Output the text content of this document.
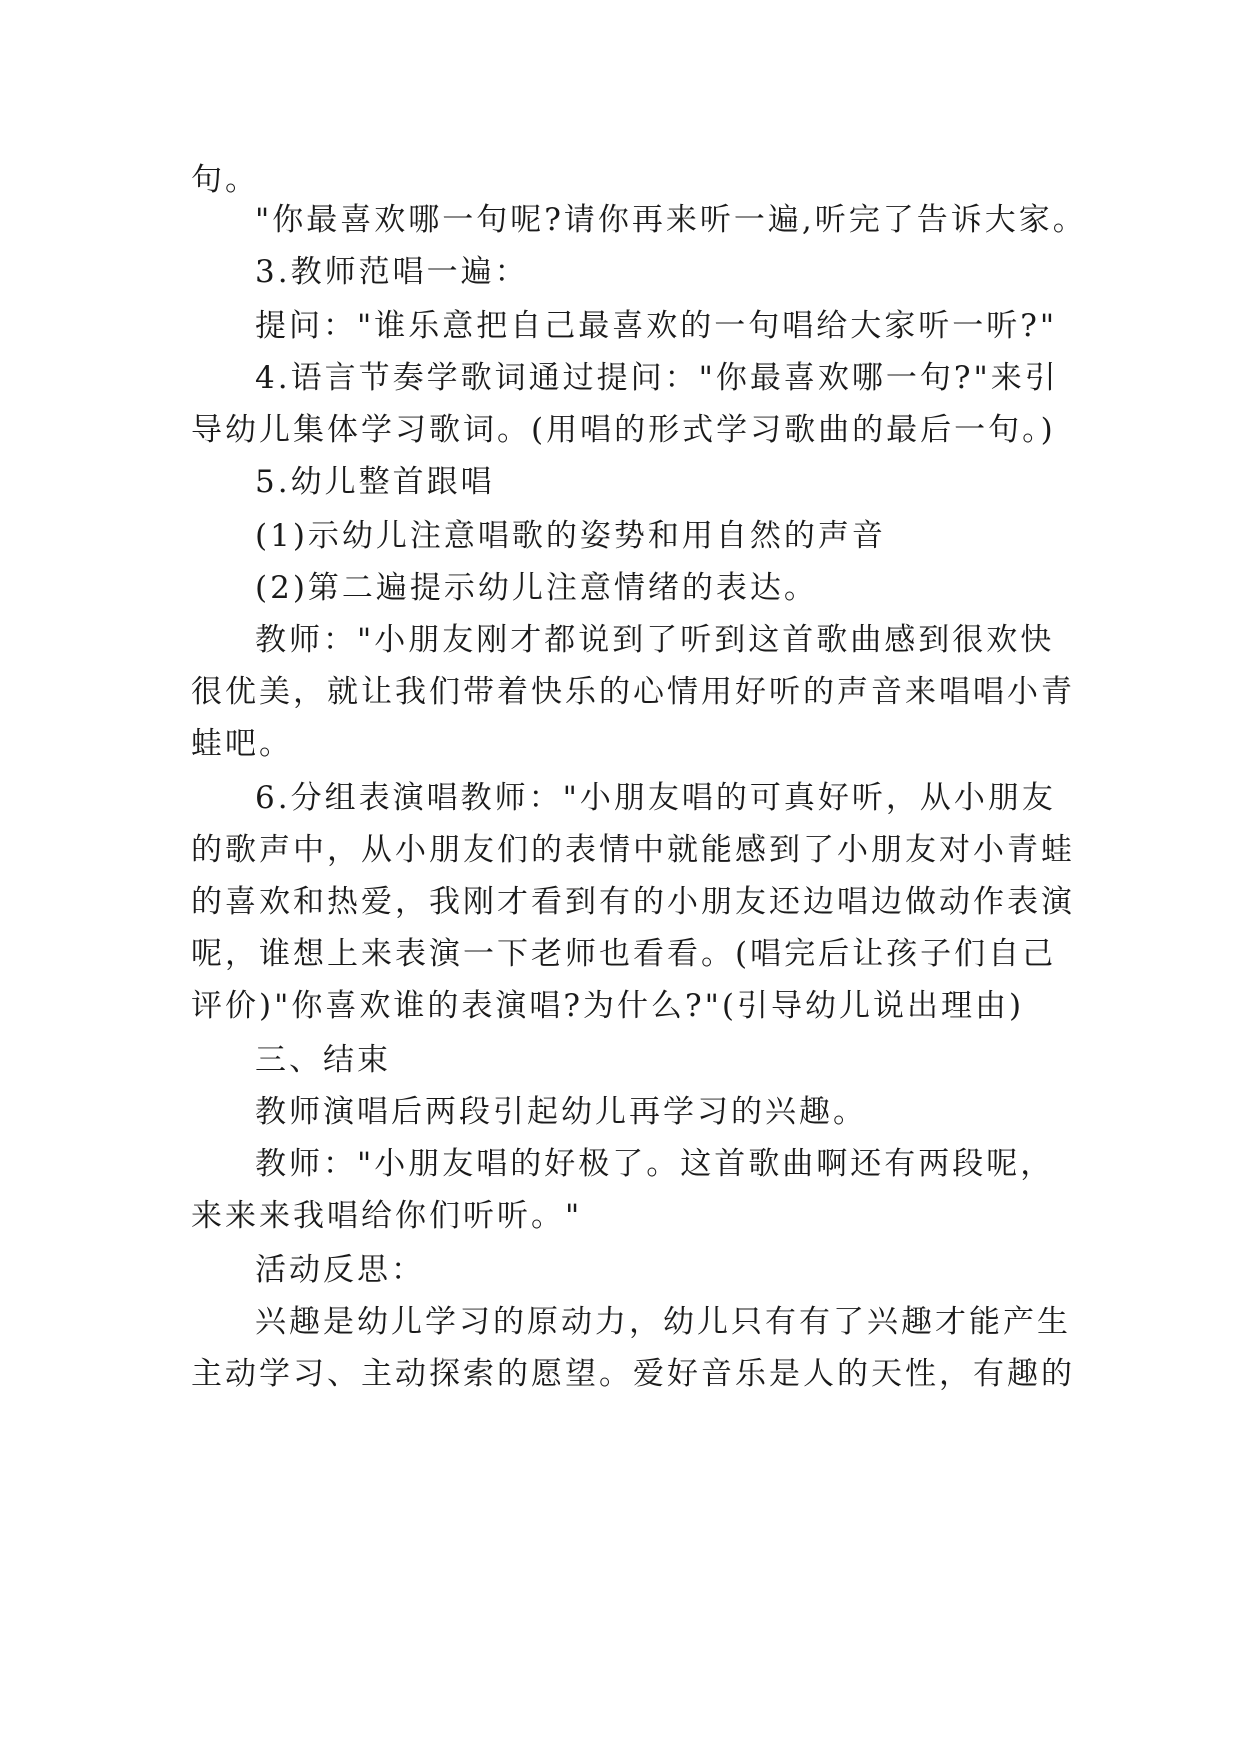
句。
"你最喜欢哪一句呢?请你再来听一遍,听完了告诉大家。
3.教师范唱一遍：
提问："谁乐意把自己最喜欢的一句唱给大家听一听?"
4.语言节奏学歌词通过提问："你最喜欢哪一句?"来引
导幼儿集体学习歌词。(用唱的形式学习歌曲的最后一句。)
5.幼儿整首跟唱
(1)示幼儿注意唱歌的姿势和用自然的声音
(2)第二遍提示幼儿注意情绪的表达。
教师："小朋友刚才都说到了听到这首歌曲感到很欢快
很优美，就让我们带着快乐的心情用好听的声音来唱唱小青
蛙吧。
6.分组表演唱教师："小朋友唱的可真好听，从小朋友
的歌声中，从小朋友们的表情中就能感到了小朋友对小青蛙
的喜欢和热爱，我刚才看到有的小朋友还边唱边做动作表演
呢，谁想上来表演一下老师也看看。(唱完后让孩子们自己
评价)"你喜欢谁的表演唱?为什么?"(引导幼儿说出理由)
三、结束
教师演唱后两段引起幼儿再学习的兴趣。
教师："小朋友唱的好极了。这首歌曲啊还有两段呢，
来来来我唱给你们听听。"
活动反思：
兴趣是幼儿学习的原动力，幼儿只有有了兴趣才能产生
主动学习、主动探索的愿望。爱好音乐是人的天性，有趣的
